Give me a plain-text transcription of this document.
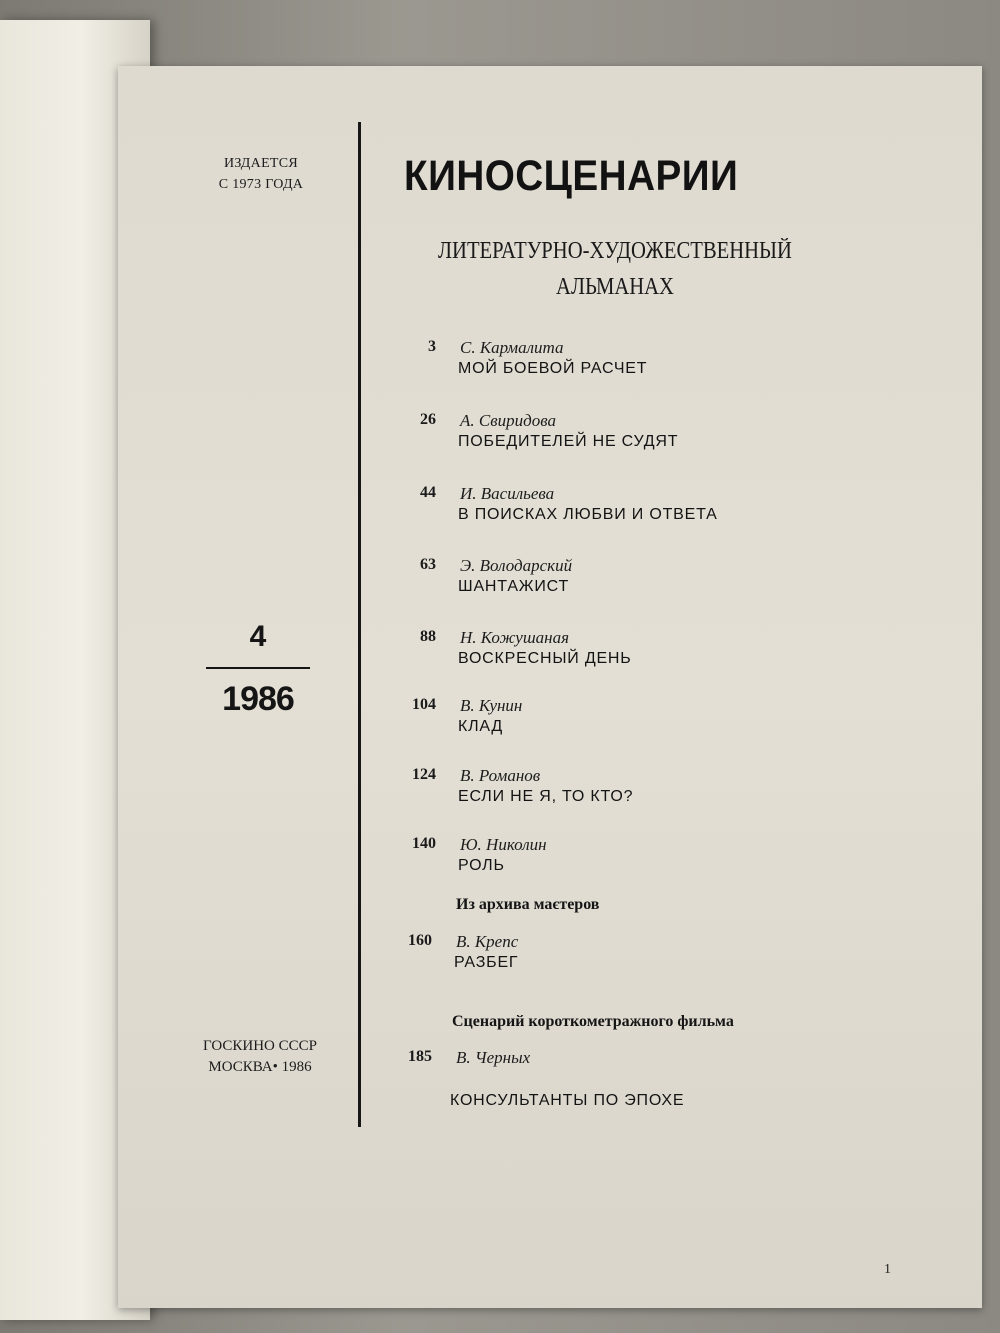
ИЗДАЕТСЯ
С 1973 ГОДА
4
1986
ГОСКИНО СССР
МОСКВА• 1986
КИНОСЦЕНАРИИ
ЛИТЕРАТУРНО-ХУДОЖЕСТВЕННЫЙ
АЛЬМАНАХ
3 С. Кармалита
МОЙ БОЕВОЙ РАСЧЕТ
26 А. Свиридова
ПОБЕДИТЕЛЕЙ НЕ СУДЯТ
44 И. Васильева
В ПОИСКАХ ЛЮБВИ И ОТВЕТА
63 Э. Володарский
ШАНТАЖИСТ
88 Н. Кожушаная
ВОСКРЕСНЫЙ ДЕНЬ
104 В. Кунин
КЛАД
124 В. Романов
ЕСЛИ НЕ Я, ТО КТО?
140 Ю. Николин
РОЛЬ
Из архива маєтеров
160 В. Крепс
РАЗБЕГ
Сценарий короткометражного фильма
185 В. Черных
КОНСУЛЬТАНТЫ ПО ЭПОХЕ
1
